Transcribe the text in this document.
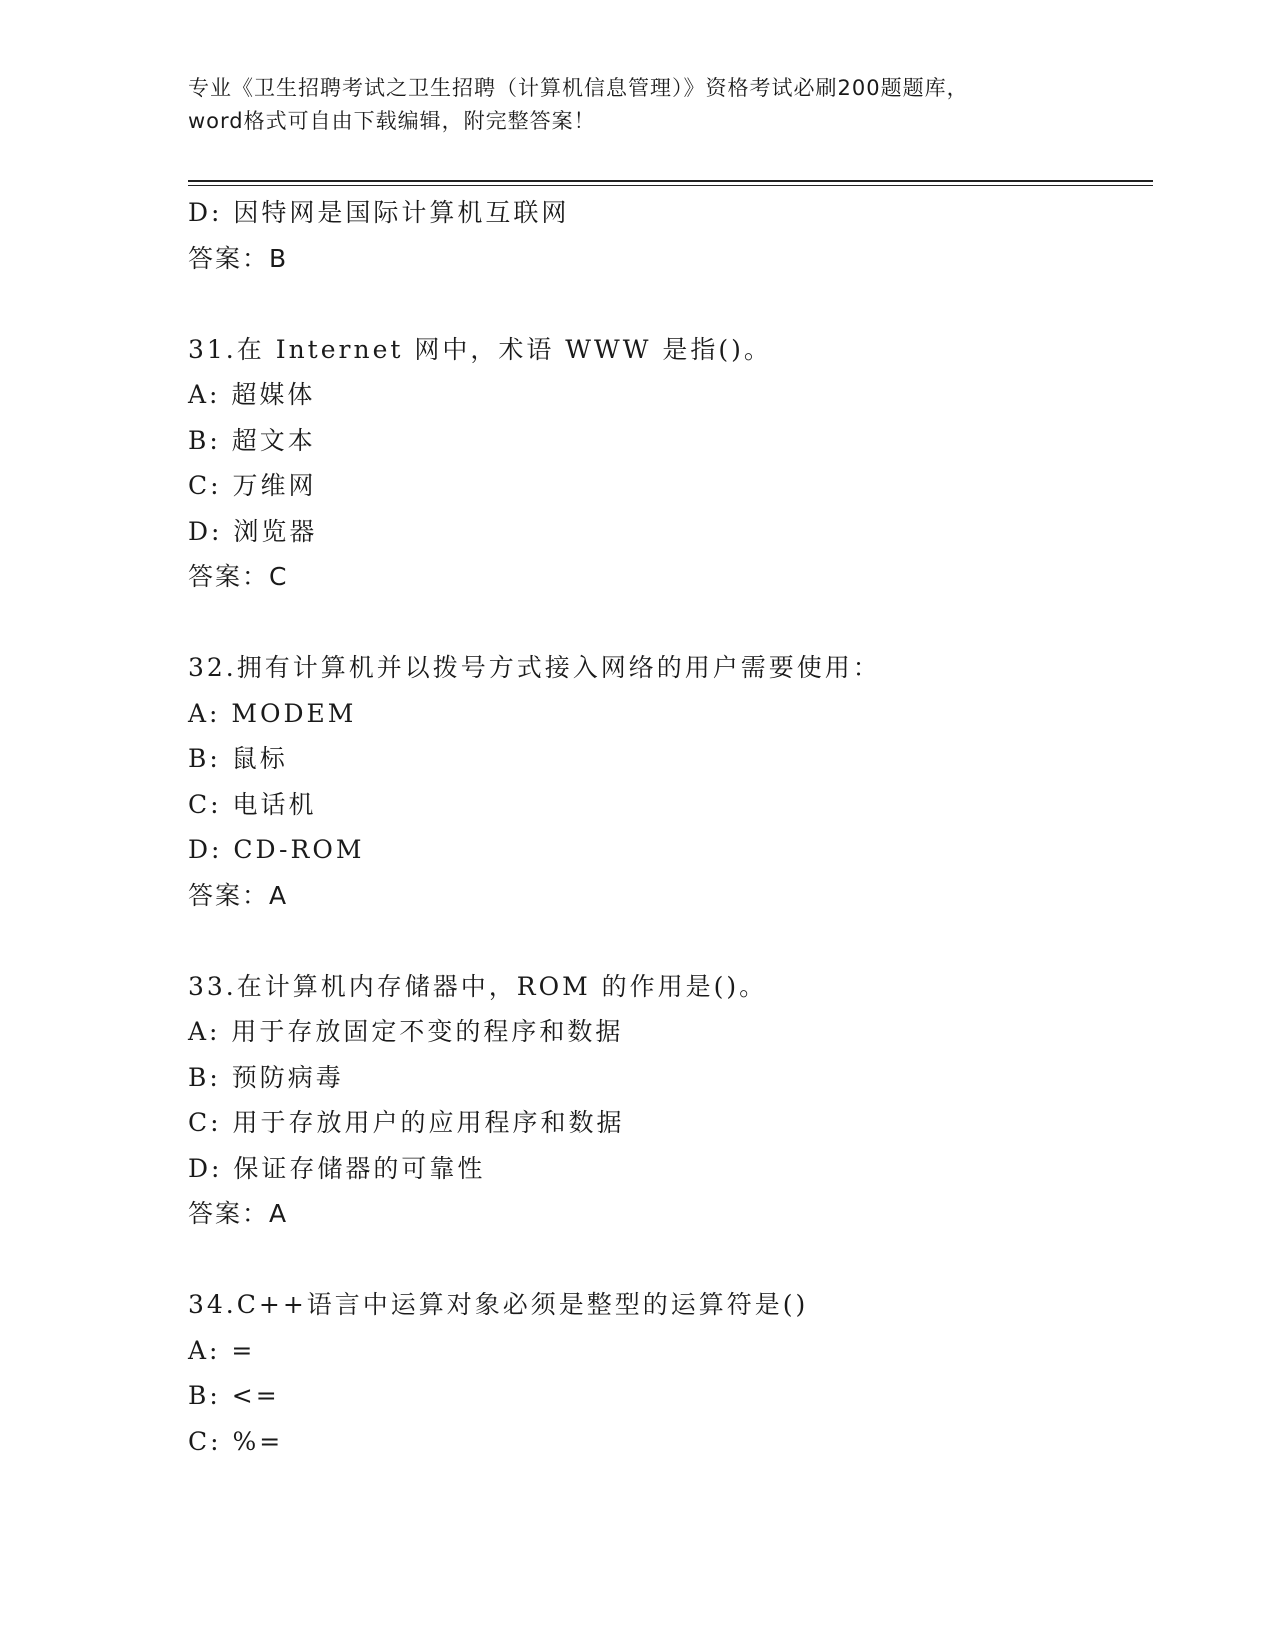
专业《卫生招聘考试之卫生招聘（计算机信息管理）》资格考试必刷200题题库，
word格式可自由下载编辑，附完整答案！
D: 因特网是国际计算机互联网
答案：B
31.在 Internet 网中，术语 WWW 是指()。
A: 超媒体
B: 超文本
C: 万维网
D: 浏览器
答案：C
32.拥有计算机并以拨号方式接入网络的用户需要使用：
A: MODEM
B: 鼠标
C: 电话机
D: CD-ROM
答案：A
33.在计算机内存储器中，ROM 的作用是()。
A: 用于存放固定不变的程序和数据
B: 预防病毒
C: 用于存放用户的应用程序和数据
D: 保证存储器的可靠性
答案：A
34.C++语言中运算对象必须是整型的运算符是()
A: =
B: <=
C: %=
